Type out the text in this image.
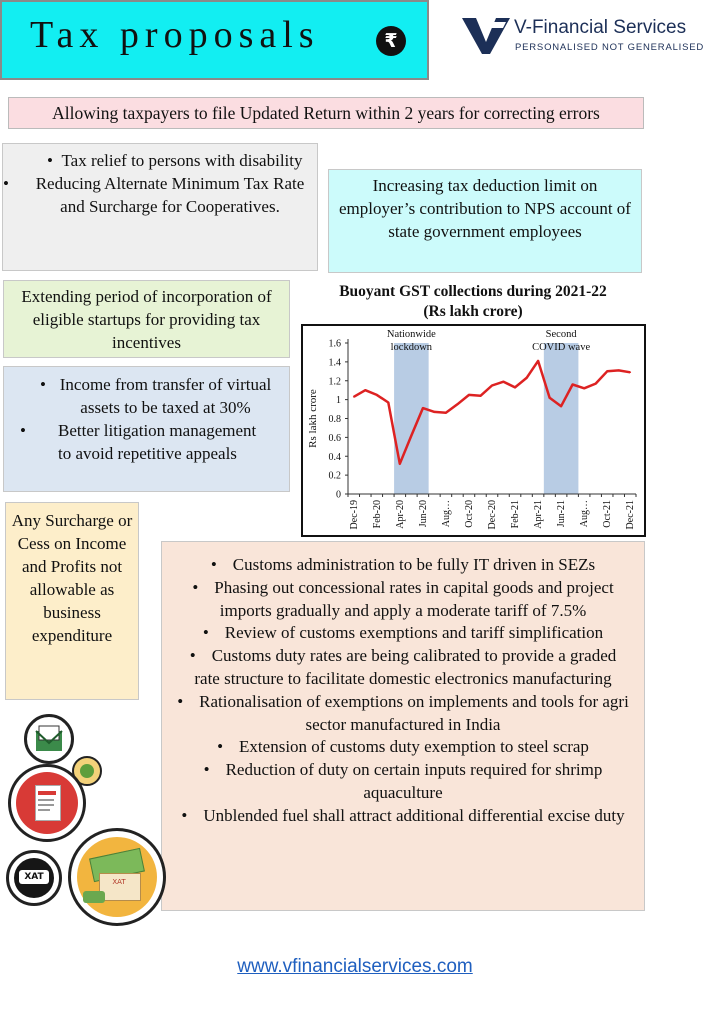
Tax proposals	₹
V-Financial Services
PERSONALISED NOT GENERALISED
Allowing taxpayers to file Updated Return within 2 years for correcting errors
• Tax relief to persons with disability
• Reducing Alternate Minimum Tax Rate and Surcharge for Cooperatives.
Increasing tax deduction limit on employer’s contribution to NPS account of state government employees
Extending period of incorporation of eligible startups for providing tax incentives
• Income from transfer of virtual assets to be taxed at 30%
• Better litigation management to avoid repetitive appeals
Any Surcharge or Cess on Income and Profits not allowable as business expenditure
Buoyant GST collections during 2021-22
(Rs lakh crore)
Nationwide
lockdown
Second
COVID wave
0
0.2
0.4
0.6
0.8
1
1.2
1.4
1.6
Rs lakh crore
Dec-19 Feb-20 Apr-20 Jun-20 Aug… Oct-20 Dec-20 Feb-21 Apr-21 Jun-21 Aug… Oct-21 Dec-21
• Customs administration to be fully IT driven in SEZs
• Phasing out concessional rates in capital goods and project imports gradually and apply a moderate tariff of 7.5%
• Review of customs exemptions and tariff simplification
• Customs duty rates are being calibrated to provide a graded rate structure to facilitate domestic electronics manufacturing
• Rationalisation of exemptions on implements and tools for agri sector manufactured in India
• Extension of customs duty exemption to steel scrap
• Reduction of duty on certain inputs required for shrimp aquaculture
• Unblended fuel shall attract additional differential excise duty
XAT	XAT
www.vfinancialservices.com
